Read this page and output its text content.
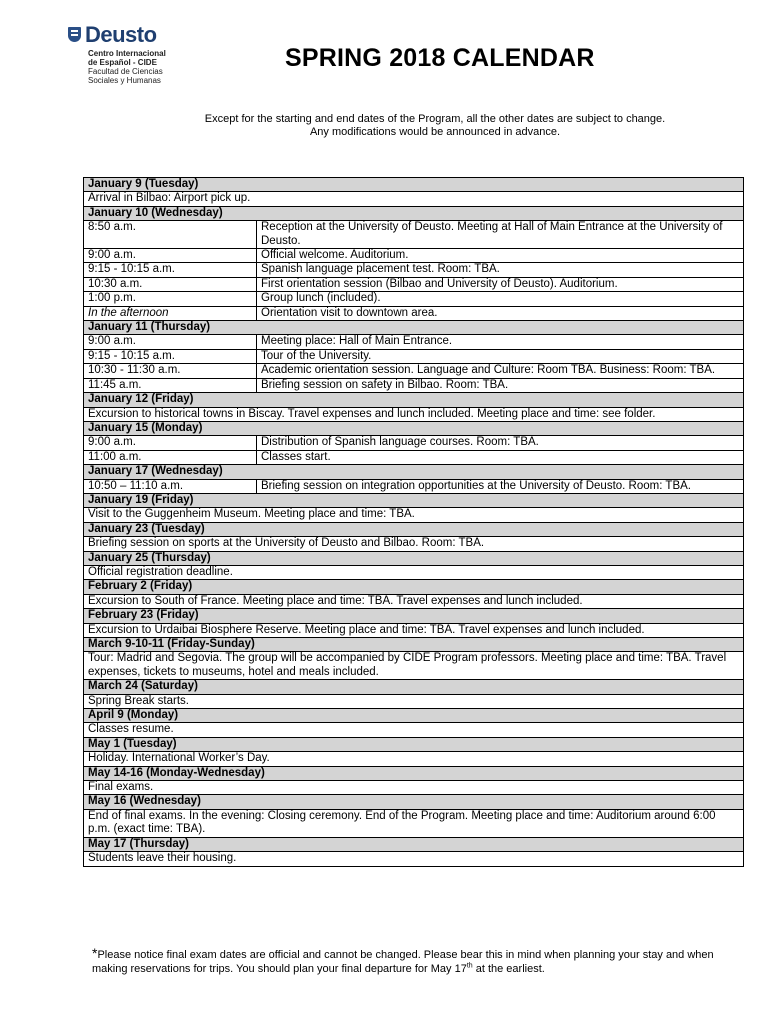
Deusto
Centro Internacional
de Español - CIDE
Facultad de Ciencias
Sociales y Humanas
SPRING 2018 CALENDAR
Except for the starting and end dates of the Program, all the other dates are subject to change.
Any modifications would be announced in advance.
January 9 (Tuesday)	
Arrival in Bilbao: Airport pick up.	
January 10 (Wednesday)	
8:50 a.m.	Reception at the University of Deusto. Meeting at Hall of Main Entrance at the University of Deusto.
9:00 a.m.	Official welcome. Auditorium.
9:15 - 10:15 a.m.	Spanish language placement test. Room: TBA.
10:30 a.m.	First orientation session (Bilbao and University of Deusto). Auditorium.
1:00 p.m.	Group lunch (included).
In the afternoon	Orientation visit to downtown area.
January 11 (Thursday)	
9:00 a.m.	Meeting place: Hall of Main Entrance.
9:15 - 10:15 a.m.	Tour of the University.
10:30 - 11:30 a.m.	Academic orientation session. Language and Culture: Room TBA. Business: Room: TBA.
11:45 a.m.	Briefing session on safety in Bilbao. Room: TBA.
January 12 (Friday)	
Excursion to historical towns in Biscay. Travel expenses and lunch included. Meeting place and time: see folder.	
January 15 (Monday)	
9:00 a.m.	Distribution of Spanish language courses. Room: TBA.
11:00 a.m.	Classes start.
January 17 (Wednesday)	
10:50 – 11:10 a.m.	Briefing session on integration opportunities at the University of Deusto. Room: TBA.
January 19 (Friday)	
Visit to the Guggenheim Museum. Meeting place and time: TBA.	
January 23 (Tuesday)	
Briefing session on sports at the University of Deusto and Bilbao. Room: TBA.	
January 25 (Thursday)	
Official registration deadline.	
February 2 (Friday)	
Excursion to South of France. Meeting place and time: TBA. Travel expenses and lunch included.	
February 23 (Friday)	
Excursion to Urdaibai Biosphere Reserve. Meeting place and time: TBA. Travel expenses and lunch included.	
March 9-10-11 (Friday-Sunday)	
Tour: Madrid and Segovia. The group will be accompanied by CIDE Program professors. Meeting place and time: TBA. Travel expenses, tickets to museums, hotel and meals included.	
March 24 (Saturday)	
Spring Break starts.	
April 9 (Monday)	
Classes resume.	
May 1 (Tuesday)	
Holiday. International Worker’s Day.	
May 14-16 (Monday-Wednesday)	
Final exams.	
May 16 (Wednesday)	
End of final exams. In the evening: Closing ceremony. End of the Program. Meeting place and time: Auditorium around 6:00 p.m. (exact time: TBA).	
May 17 (Thursday)	
Students leave their housing.	
*Please notice final exam dates are official and cannot be changed. Please bear this in mind when planning your stay and when making reservations for trips. You should plan your final departure for May 17th at the earliest.
